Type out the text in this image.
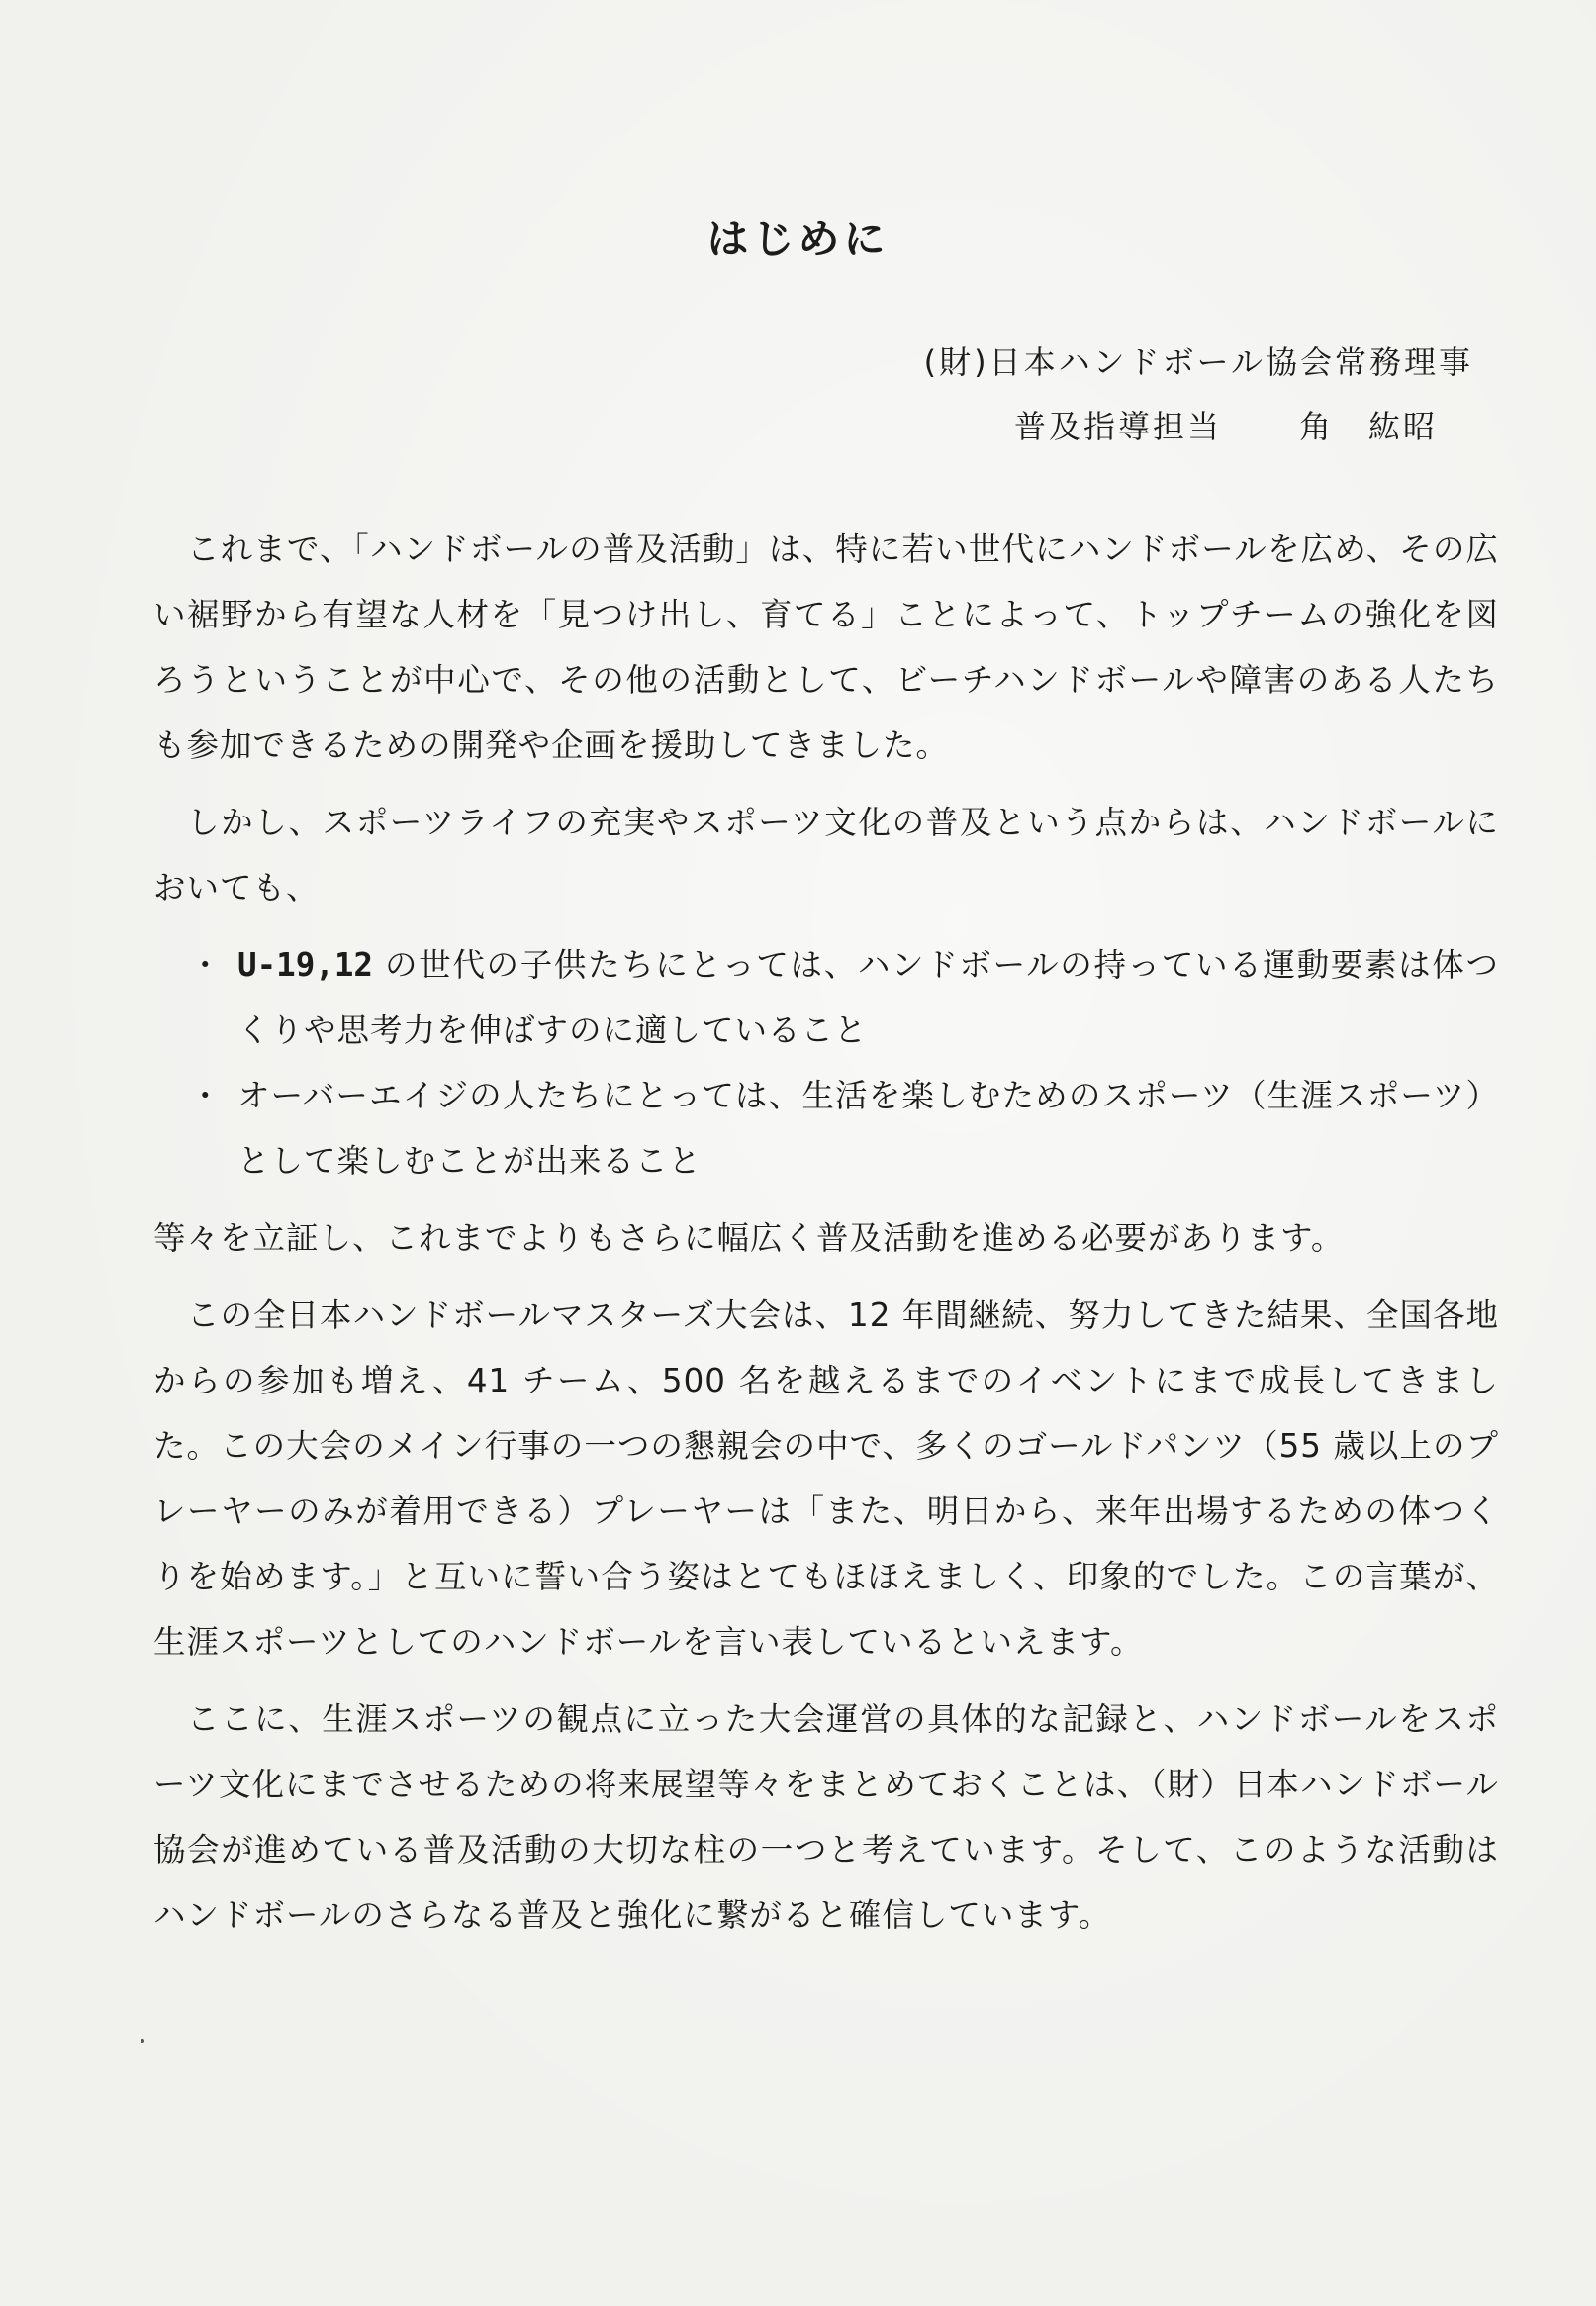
はじめに
(財)日本ハンドボール協会常務理事
普及指導担当 角　紘昭

これまで、「ハンドボールの普及活動」は、特に若い世代にハンドボールを広め、その広い裾野から有望な人材を「見つけ出し、育てる」ことによって、トップチームの強化を図ろうということが中心で、その他の活動として、ビーチハンドボールや障害のある人たちも参加できるための開発や企画を援助してきました。

しかし、スポーツライフの充実やスポーツ文化の普及という点からは、ハンドボールにおいても、

・ U-19,12 の世代の子供たちにとっては、ハンドボールの持っている運動要素は体つくりや思考力を伸ばすのに適していること
・ オーバーエイジの人たちにとっては、生活を楽しむためのスポーツ（生涯スポーツ）として楽しむことが出来ること

等々を立証し、これまでよりもさらに幅広く普及活動を進める必要があります。

この全日本ハンドボールマスターズ大会は、12 年間継続、努力してきた結果、全国各地からの参加も増え、41 チーム、500 名を越えるまでのイベントにまで成長してきました。この大会のメイン行事の一つの懇親会の中で、多くのゴールドパンツ（55 歳以上のプレーヤーのみが着用できる）プレーヤーは「また、明日から、来年出場するための体つくりを始めます。」と互いに誓い合う姿はとてもほほえましく、印象的でした。この言葉が、生涯スポーツとしてのハンドボールを言い表しているといえます。

ここに、生涯スポーツの観点に立った大会運営の具体的な記録と、ハンドボールをスポーツ文化にまでさせるための将来展望等々をまとめておくことは、（財）日本ハンドボール協会が進めている普及活動の大切な柱の一つと考えています。そして、このような活動はハンドボールのさらなる普及と強化に繋がると確信しています。
